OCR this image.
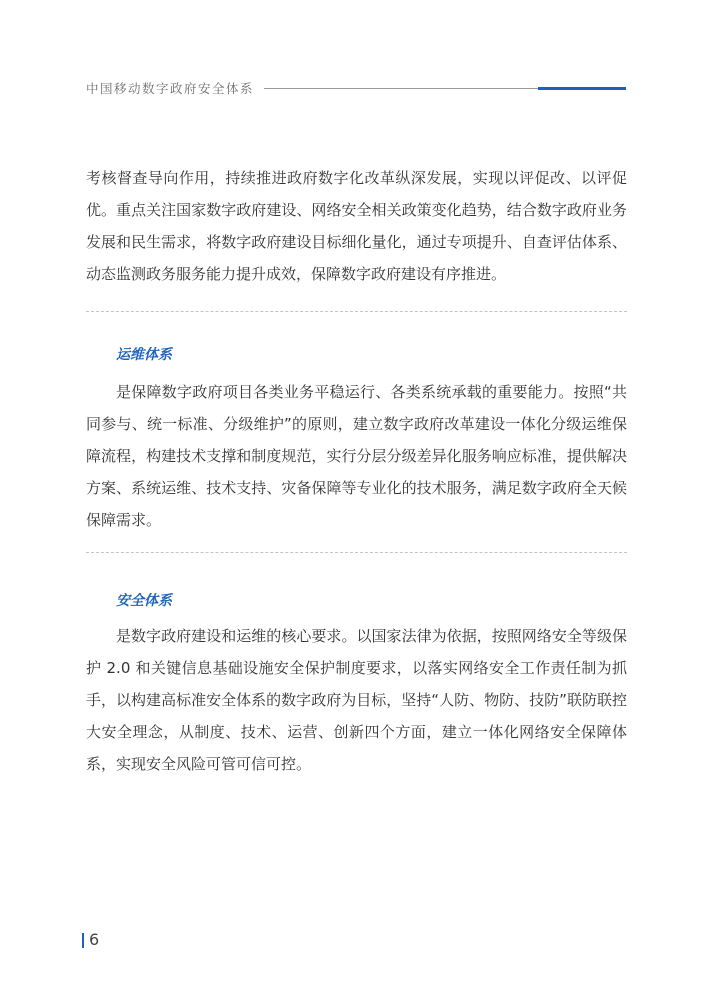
中国移动数字政府安全体系

考核督查导向作用，持续推进政府数字化改革纵深发展，实现以评促改、以评促优。重点关注国家数字政府建设、网络安全相关政策变化趋势，结合数字政府业务发展和民生需求，将数字政府建设目标细化量化，通过专项提升、自查评估体系、动态监测政务服务能力提升成效，保障数字政府建设有序推进。

运维体系

是保障数字政府项目各类业务平稳运行、各类系统承载的重要能力。按照“共同参与、统一标准、分级维护”的原则，建立数字政府改革建设一体化分级运维保障流程，构建技术支撑和制度规范，实行分层分级差异化服务响应标准，提供解决方案、系统运维、技术支持、灾备保障等专业化的技术服务，满足数字政府全天候保障需求。

安全体系

是数字政府建设和运维的核心要求。以国家法律为依据，按照网络安全等级保护 2.0 和关键信息基础设施安全保护制度要求，以落实网络安全工作责任制为抓手，以构建高标准安全体系的数字政府为目标，坚持“人防、物防、技防”联防联控大安全理念，从制度、技术、运营、创新四个方面，建立一体化网络安全保障体系，实现安全风险可管可信可控。

6
